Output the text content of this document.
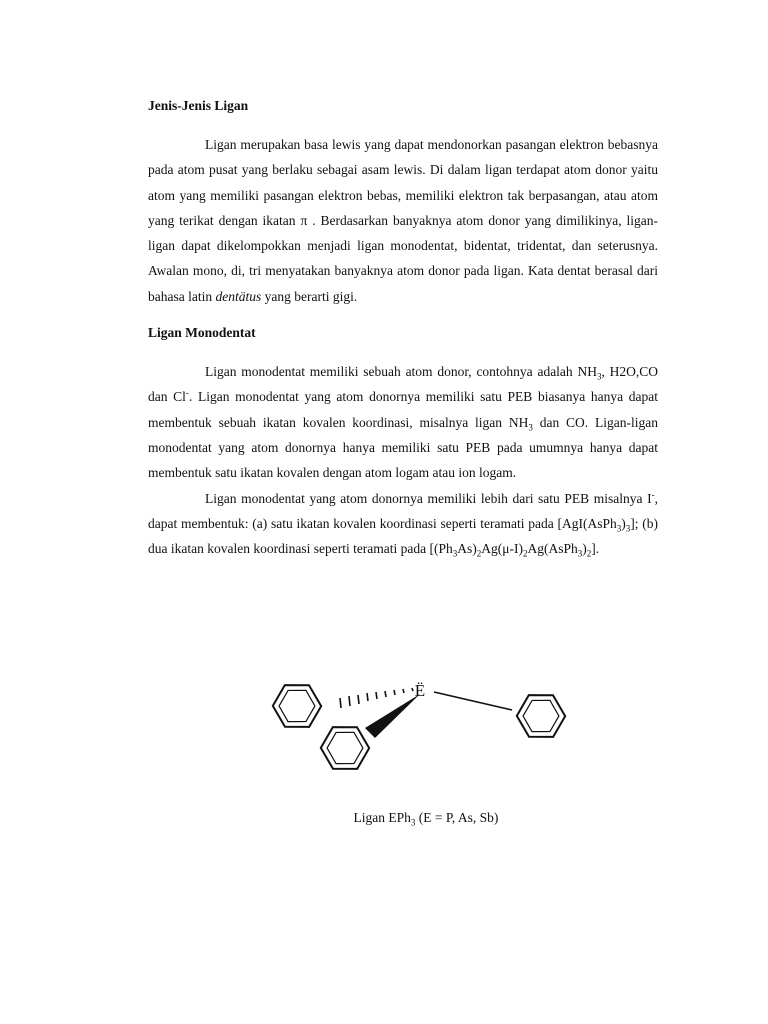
Jenis-Jenis Ligan

Ligan merupakan basa lewis yang dapat mendonorkan pasangan elektron bebasnya pada atom pusat yang berlaku sebagai asam lewis. Di dalam ligan terdapat atom donor yaitu atom yang memiliki pasangan elektron bebas, memiliki elektron tak berpasangan, atau atom yang terikat dengan ikatan π . Berdasarkan banyaknya atom donor yang dimilikinya, ligan-ligan dapat dikelompokkan menjadi ligan monodentat, bidentat, tridentat, dan seterusnya. Awalan mono, di, tri menyatakan banyaknya atom donor pada ligan. Kata dentat berasal dari bahasa latin dentätus yang berarti gigi.

Ligan Monodentat

Ligan monodentat memiliki sebuah atom donor, contohnya adalah $NH_3$, H2O,CO dan Cl-. Ligan monodentat yang atom donornya memiliki satu PEB biasanya hanya dapat membentuk sebuah ikatan kovalen koordinasi, misalnya ligan $NH_3$ dan CO. Ligan-ligan monodentat yang atom donornya hanya memiliki satu PEB pada umumnya hanya dapat membentuk satu ikatan kovalen dengan atom logam atau ion logam.

Ligan monodentat yang atom donornya memiliki lebih dari satu PEB misalnya I-, dapat membentuk: (a) satu ikatan kovalen koordinasi seperti teramati pada $[AgI(AsPh_3)_3]$; (b) dua ikatan kovalen koordinasi seperti teramati pada $[(Ph_3As)_2Ag(\mu-I)_2Ag(AsPh_3)_2]$.

Ë
Ligan EPh$_3$ (E = P, As, Sb)
